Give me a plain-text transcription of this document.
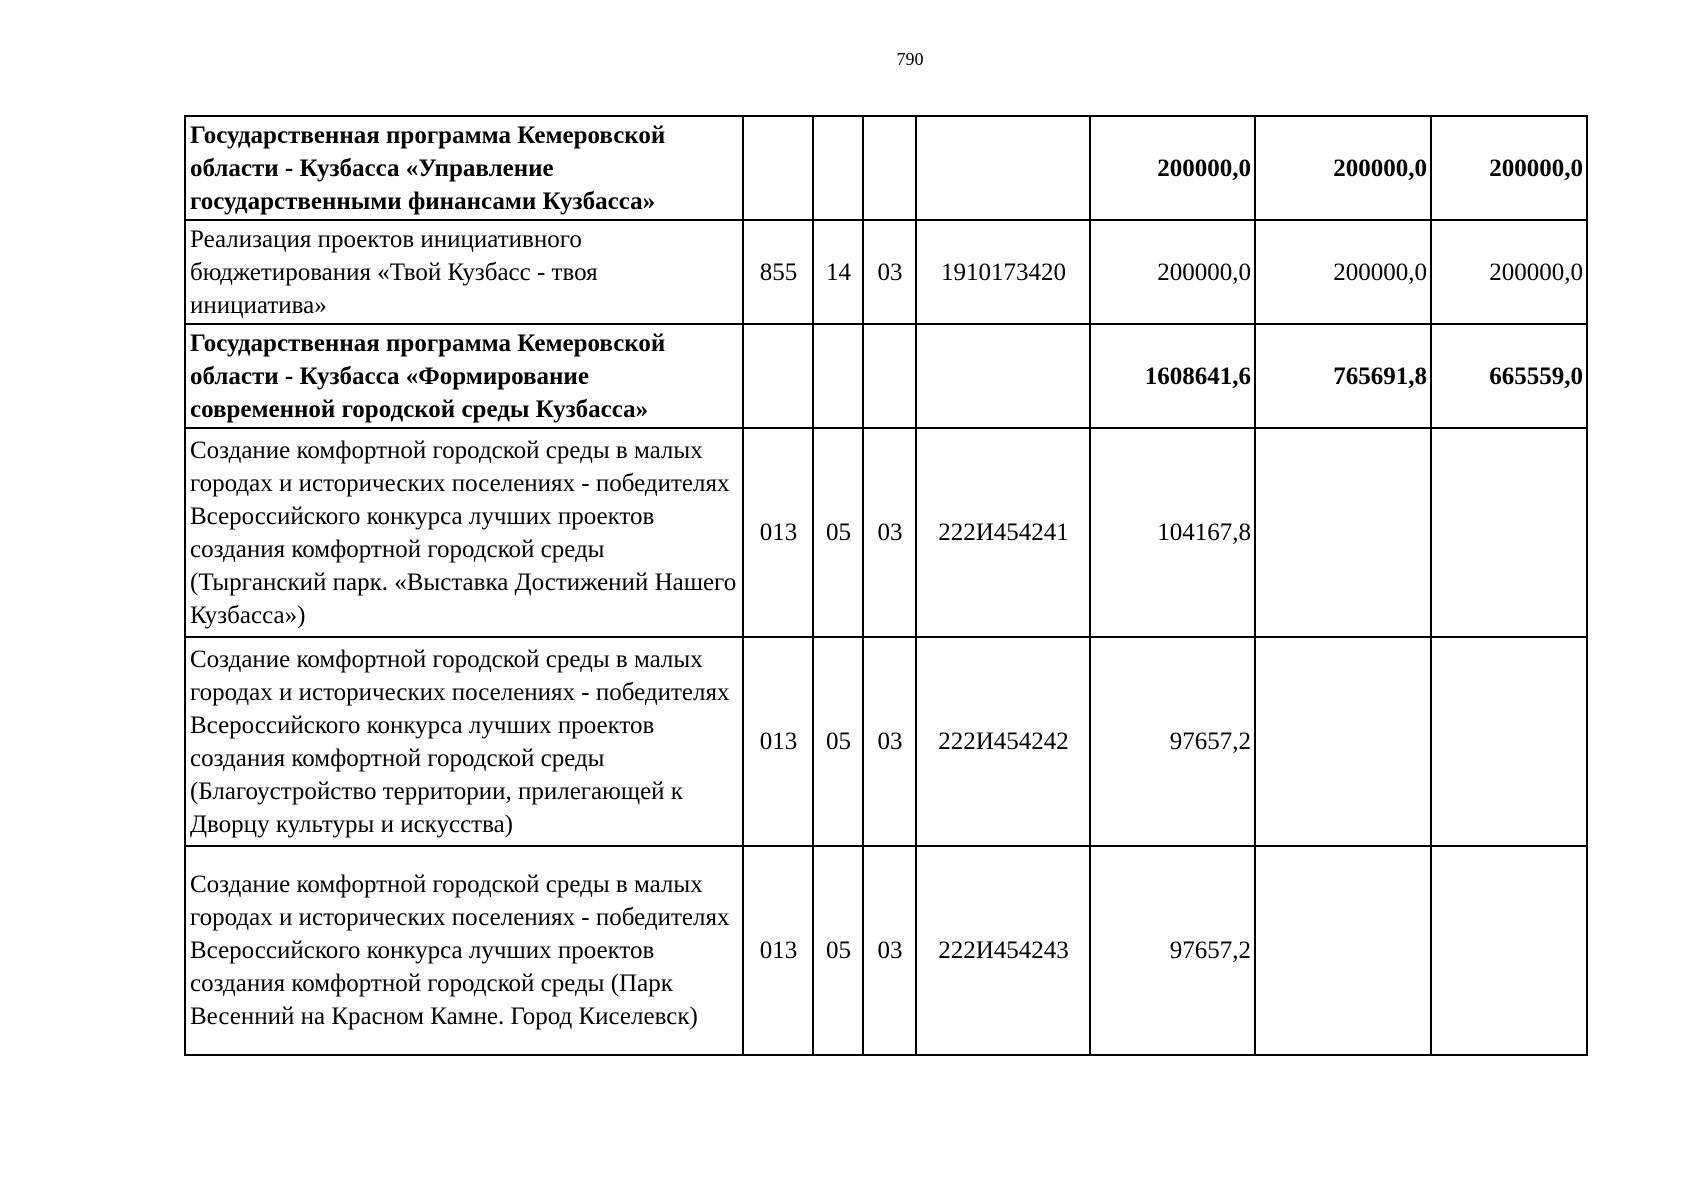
790
Государственная программа Кемеровской области - Кузбасса «Управление государственными финансами Кузбасса»					200000,0	200000,0	200000,0
Реализация проектов инициативного бюджетирования «Твой Кузбасс - твоя инициатива»	855	14	03	1910173420	200000,0	200000,0	200000,0
Государственная программа Кемеровской области - Кузбасса «Формирование современной городской среды Кузбасса»					1608641,6	765691,8	665559,0
Создание комфортной городской среды в малых городах и исторических поселениях - победителях Всероссийского конкурса лучших проектов создания комфортной городской среды (Тырганский парк. «Выставка Достижений Нашего Кузбасса»)	013	05	03	222И454241	104167,8		
Создание комфортной городской среды в малых городах и исторических поселениях - победителях Всероссийского конкурса лучших проектов создания комфортной городской среды (Благоустройство территории, прилегающей к Дворцу культуры и искусства)	013	05	03	222И454242	97657,2		
Создание комфортной городской среды в малых городах и исторических поселениях - победителях Всероссийского конкурса лучших проектов создания комфортной городской среды (Парк Весенний на Красном Камне. Город Киселевск)	013	05	03	222И454243	97657,2		
